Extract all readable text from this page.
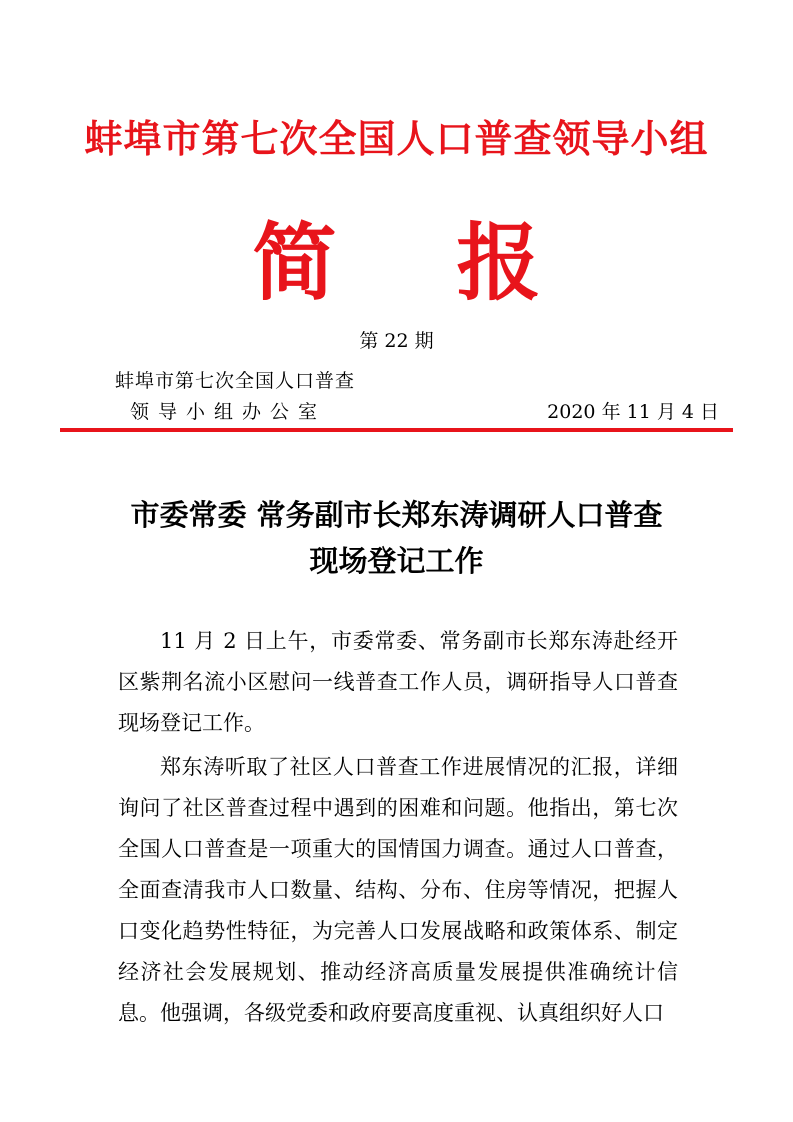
蚌埠市第七次全国人口普查领导小组
简报
第 22 期
蚌埠市第七次全国人口普查
领导小组办公室	2020 年 11 月 4 日
市委常委 常务副市长郑东涛调研人口普查
现场登记工作

11 月 2 日上午，市委常委、常务副市长郑东涛赴经开区紫荆名流小区慰问一线普查工作人员，调研指导人口普查现场登记工作。

郑东涛听取了社区人口普查工作进展情况的汇报，详细询问了社区普查过程中遇到的困难和问题。他指出，第七次全国人口普查是一项重大的国情国力调查。通过人口普查，全面查清我市人口数量、结构、分布、住房等情况，把握人口变化趋势性特征，为完善人口发展战略和政策体系、制定经济社会发展规划、推动经济高质量发展提供准确统计信息。他强调，各级党委和政府要高度重视、认真组织好人口
